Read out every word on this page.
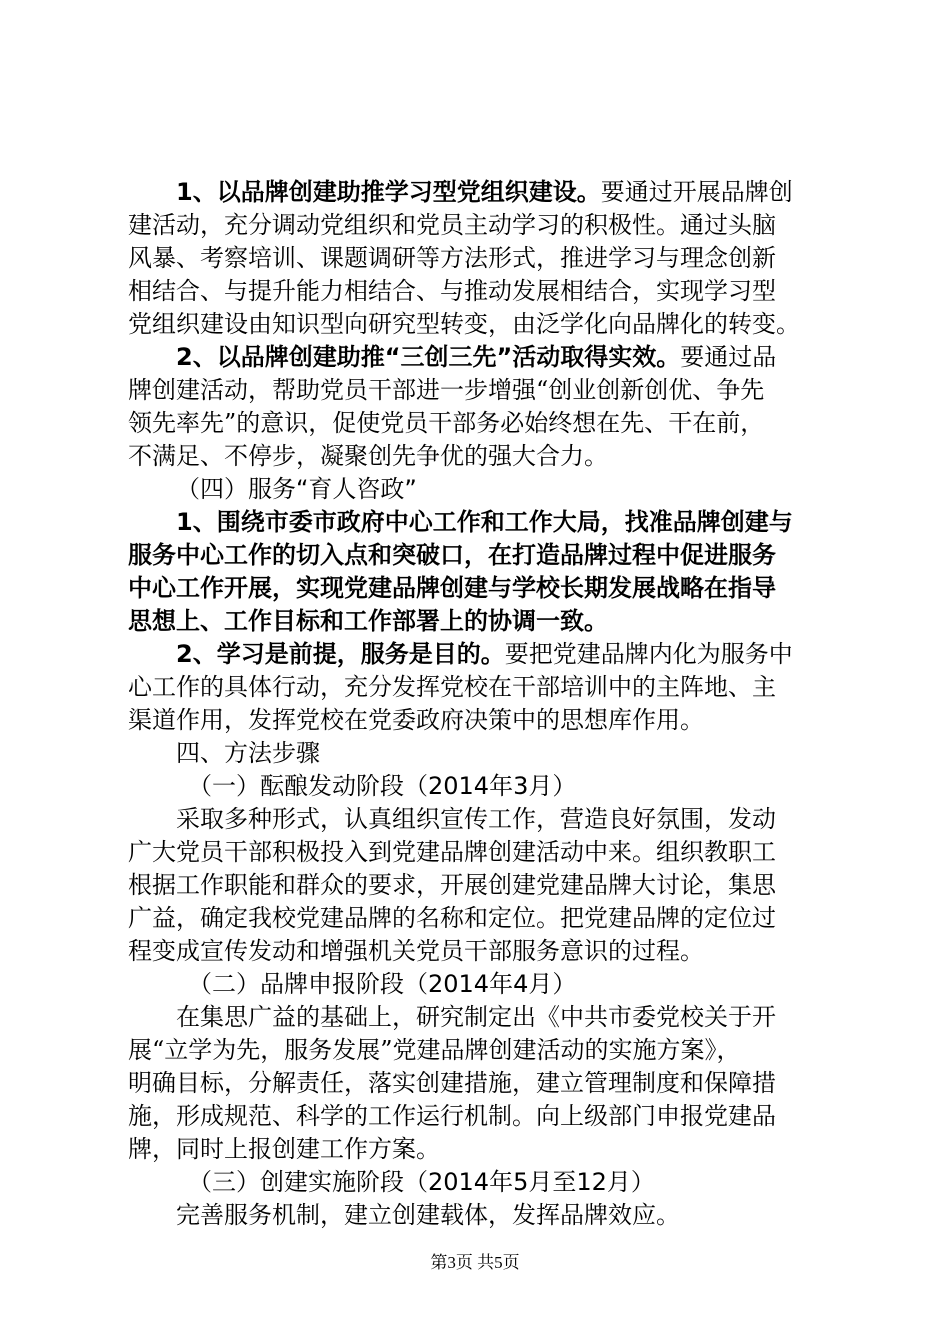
1、以品牌创建助推学习型党组织建设。要通过开展品牌创
建活动，充分调动党组织和党员主动学习的积极性。通过头脑
风暴、考察培训、课题调研等方法形式，推进学习与理念创新
相结合、与提升能力相结合、与推动发展相结合，实现学习型
党组织建设由知识型向研究型转变，由泛学化向品牌化的转变。
2、以品牌创建助推“三创三先”活动取得实效。要通过品
牌创建活动，帮助党员干部进一步增强“创业创新创优、争先
领先率先”的意识，促使党员干部务必始终想在先、干在前，
不满足、不停步，凝聚创先争优的强大合力。
（四）服务“育人咨政”
1、围绕市委市政府中心工作和工作大局，找准品牌创建与
服务中心工作的切入点和突破口，在打造品牌过程中促进服务
中心工作开展，实现党建品牌创建与学校长期发展战略在指导
思想上、工作目标和工作部署上的协调一致。
2、学习是前提，服务是目的。要把党建品牌内化为服务中
心工作的具体行动，充分发挥党校在干部培训中的主阵地、主
渠道作用，发挥党校在党委政府决策中的思想库作用。
四、方法步骤
（一）酝酿发动阶段（2014年3月）
采取多种形式，认真组织宣传工作，营造良好氛围，发动
广大党员干部积极投入到党建品牌创建活动中来。组织教职工
根据工作职能和群众的要求，开展创建党建品牌大讨论，集思
广益，确定我校党建品牌的名称和定位。把党建品牌的定位过
程变成宣传发动和增强机关党员干部服务意识的过程。
（二）品牌申报阶段（2014年4月）
在集思广益的基础上，研究制定出《中共市委党校关于开
展“立学为先，服务发展”党建品牌创建活动的实施方案》，
明确目标，分解责任，落实创建措施，建立管理制度和保障措
施，形成规范、科学的工作运行机制。向上级部门申报党建品
牌，同时上报创建工作方案。
（三）创建实施阶段（2014年5月至12月）
完善服务机制，建立创建载体，发挥品牌效应。
第3页 共5页
